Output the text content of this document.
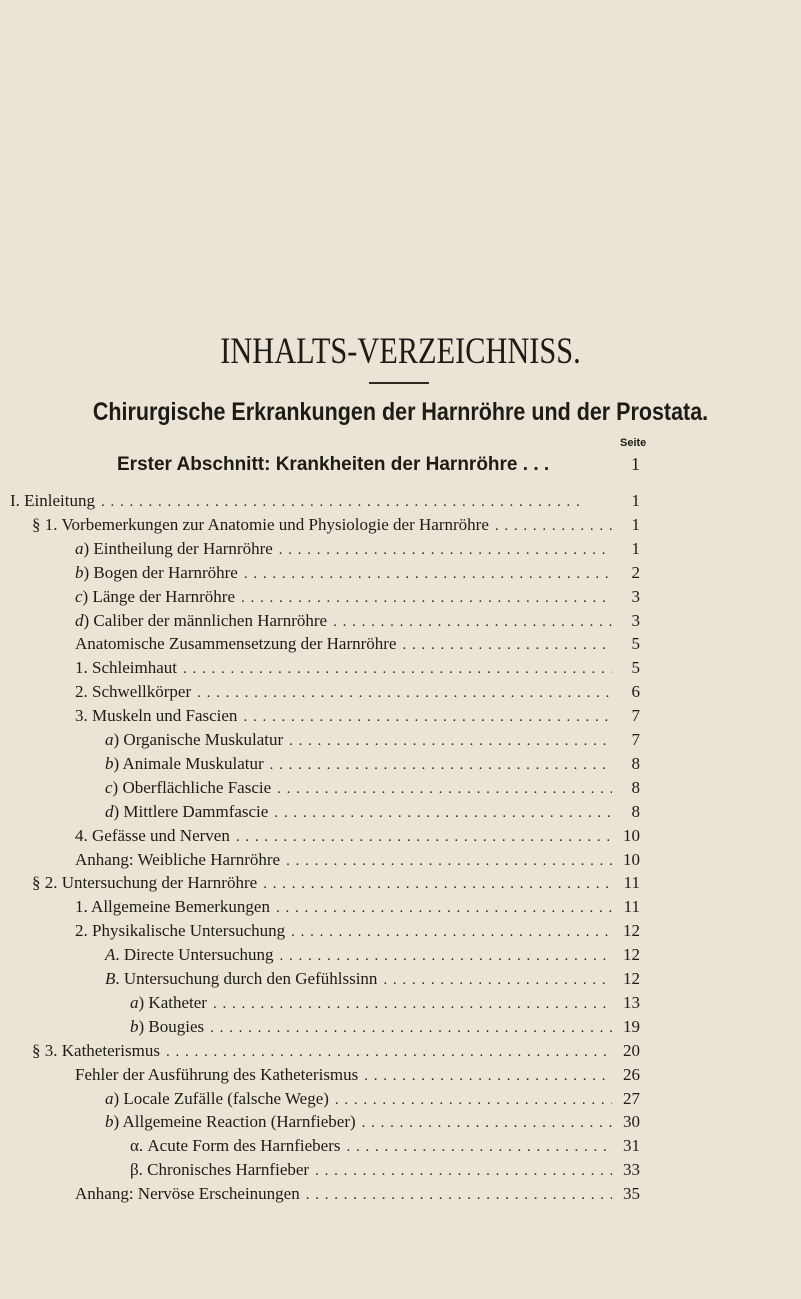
INHALTS-VERZEICHNISS.
Chirurgische Erkrankungen der Harnröhre und der Prostata.
Seite
Erster Abschnitt: Krankheiten der Harnröhre . . .	1
I. Einleitung . . .	1
§ 1. Vorbemerkungen zur Anatomie und Physiologie der Harnröhre . . .	1
a) Eintheilung der Harnröhre . . .	1
b) Bogen der Harnröhre . . .	2
c) Länge der Harnröhre . . .	3
d) Caliber der männlichen Harnröhre . . .	3
Anatomische Zusammensetzung der Harnröhre . . .	5
1. Schleimhaut . . .	5
2. Schwellkörper . . .	6
3. Muskeln und Fascien . . .	7
a) Organische Muskulatur . . .	7
b) Animale Muskulatur . . .	8
c) Oberflächliche Fascie . . .	8
d) Mittlere Dammfascie . . .	8
4. Gefässe und Nerven . . .	10
Anhang: Weibliche Harnröhre . . .	10
§ 2. Untersuchung der Harnröhre . . .	11
1. Allgemeine Bemerkungen . . .	11
2. Physikalische Untersuchung . . .	12
A. Directe Untersuchung . . .	12
B. Untersuchung durch den Gefühlssinn . . .	12
a) Katheter . . .	13
b) Bougies . . .	19
§ 3. Katheterismus . . .	20
Fehler der Ausführung des Katheterismus . . .	26
a) Locale Zufälle (falsche Wege) . . .	27
b) Allgemeine Reaction (Harnfieber) . . .	30
α. Acute Form des Harnfiebers . . .	31
β. Chronisches Harnfieber . . .	33
Anhang: Nervöse Erscheinungen . . .	35
